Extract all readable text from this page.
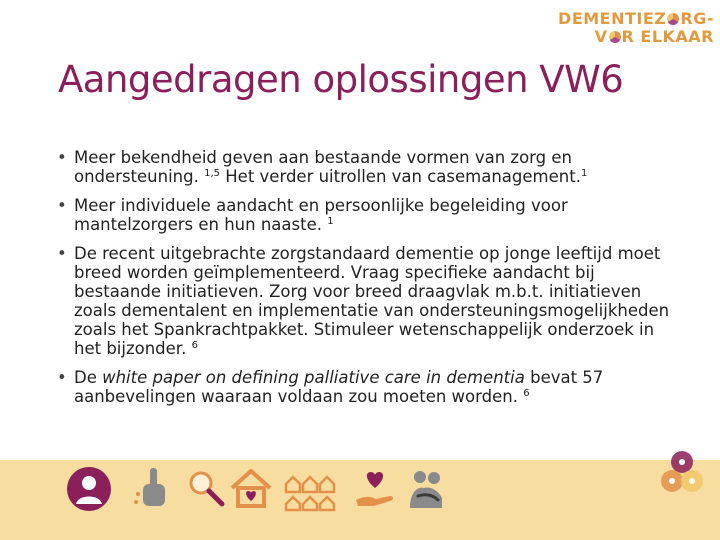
DEMENTIEZ RG-
V R ELKAAR
Aangedragen oplossingen VW6
• Meer bekendheid geven aan bestaande vormen van zorg en ondersteuning. $^{1,5}$ Het verder uitrollen van casemanagement.$^1$
• Meer individuele aandacht en persoonlijke begeleiding voor mantelzorgers en hun naaste. $^1$
• De recent uitgebrachte zorgstandaard dementie op jonge leeftijd moet breed worden geïmplementeerd. Vraag specifieke aandacht bij bestaande initiatieven. Zorg voor breed draagvlak m.b.t. initiatieven zoals dementalent en implementatie van ondersteuningsmogelijkheden zoals het Spankrachtpakket. Stimuleer wetenschappelijk onderzoek in het bijzonder. $^6$
• De white paper on defining palliative care in dementia bevat 57 aanbevelingen waaraan voldaan zou moeten worden. $^6$
